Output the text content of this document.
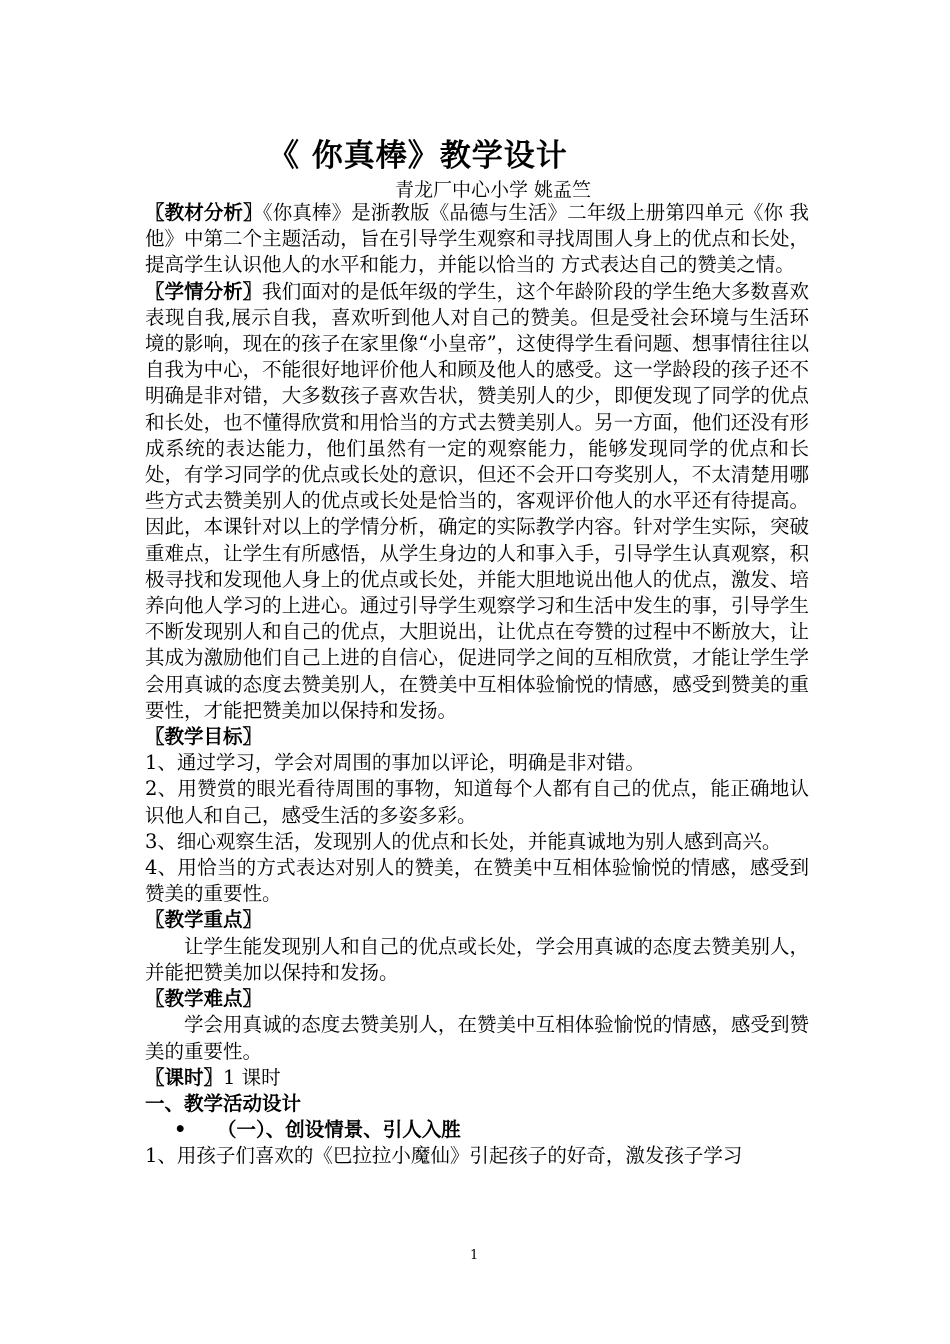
《 你真棒》教学设计
青龙厂中心小学 姚孟竺

〖教材分析〗《你真棒》是浙教版《品德与生活》二年级上册第四单元《你 我 他》中第二个主题活动，旨在引导学生观察和寻找周围人身上的优点和长处，提高学生认识他人的水平和能力，并能以恰当的 方式表达自己的赞美之情。

〖学情分析〗我们面对的是低年级的学生，这个年龄阶段的学生绝大多数喜欢表现自我,展示自我，喜欢听到他人对自己的赞美。但是受社会环境与生活环境的影响，现在的孩子在家里像“小皇帝”，这使得学生看问题、想事情往往以自我为中心，不能很好地评价他人和顾及他人的感受。这一学龄段的孩子还不明确是非对错，大多数孩子喜欢告状，赞美别人的少，即便发现了同学的优点和长处，也不懂得欣赏和用恰当的方式去赞美别人。另一方面，他们还没有形成系统的表达能力，他们虽然有一定的观察能力，能够发现同学的优点和长处，有学习同学的优点或长处的意识，但还不会开口夸奖别人，不太清楚用哪些方式去赞美别人的优点或长处是恰当的，客观评价他人的水平还有待提高。因此，本课针对以上的学情分析，确定的实际教学内容。针对学生实际，突破重难点，让学生有所感悟，从学生身边的人和事入手，引导学生认真观察，积极寻找和发现他人身上的优点或长处，并能大胆地说出他人的优点，激发、培养向他人学习的上进心。通过引导学生观察学习和生活中发生的事，引导学生不断发现别人和自己的优点，大胆说出，让优点在夸赞的过程中不断放大，让其成为激励他们自己上进的自信心，促进同学之间的互相欣赏，才能让学生学会用真诚的态度去赞美别人，在赞美中互相体验愉悦的情感，感受到赞美的重要性，才能把赞美加以保持和发扬。

〖教学目标〗

1、通过学习，学会对周围的事加以评论，明确是非对错。

2、用赞赏的眼光看待周围的事物，知道每个人都有自己的优点，能正确地认识他人和自己，感受生活的多姿多彩。

3、细心观察生活，发现别人的优点和长处，并能真诚地为别人感到高兴。

4、用恰当的方式表达对别人的赞美，在赞美中互相体验愉悦的情感，感受到赞美的重要性。

〖教学重点〗

让学生能发现别人和自己的优点或长处，学会用真诚的态度去赞美别人，并能把赞美加以保持和发扬。

〖教学难点〗

学会用真诚的态度去赞美别人，在赞美中互相体验愉悦的情感，感受到赞美的重要性。

〖课时〗1 课时

一、教学活动设计

• （一）、创设情景、引人入胜

1、用孩子们喜欢的《巴拉拉小魔仙》引起孩子的好奇，激发孩子学习

1
